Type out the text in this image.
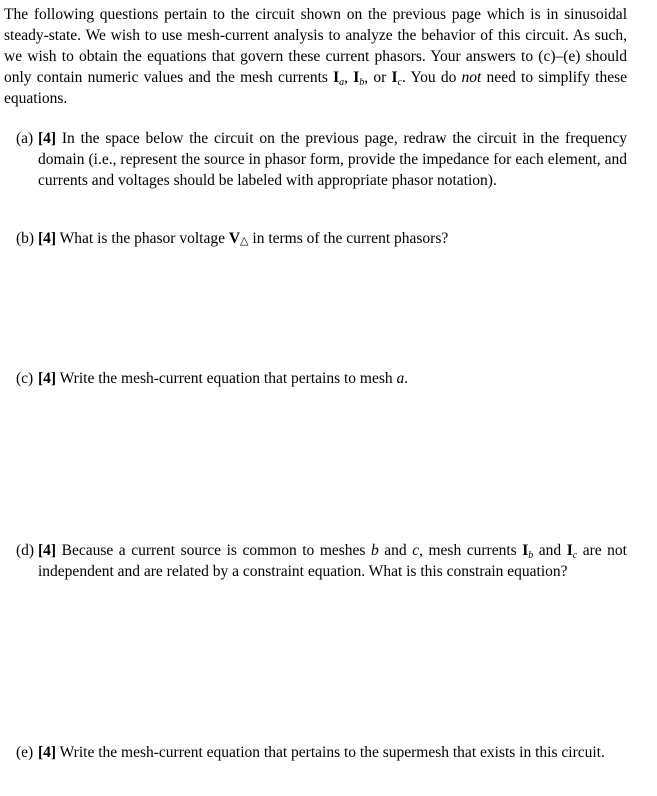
The following questions pertain to the circuit shown on the previous page which is in sinusoidal steady-state. We wish to use mesh-current analysis to analyze the behavior of this circuit. As such, we wish to obtain the equations that govern these current phasors. Your answers to (c)–(e) should only contain numeric values and the mesh currents $I_a$, $I_b$, or $I_c$. You do not need to simplify these equations.

(a) [4] In the space below the circuit on the previous page, redraw the circuit in the frequency domain (i.e., represent the source in phasor form, provide the impedance for each element, and currents and voltages should be labeled with appropriate phasor notation).
(b) [4] What is the phasor voltage $V_\triangle$ in terms of the current phasors?
(c) [4] Write the mesh-current equation that pertains to mesh a.
(d) [4] Because a current source is common to meshes b and c, mesh currents $I_b$ and $I_c$ are not independent and are related by a constraint equation. What is this constrain equation?
(e) [4] Write the mesh-current equation that pertains to the supermesh that exists in this circuit.
